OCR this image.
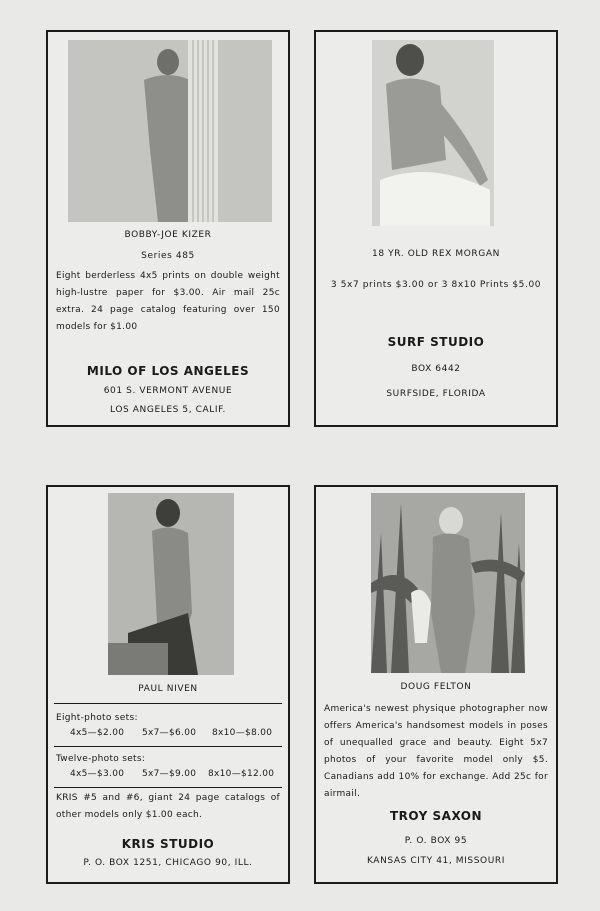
BOBBY-JOE KIZER
Series 485
Eight berderless 4x5 prints on double weight high-lustre paper for $3.00. Air mail 25c extra. 24 page catalog featuring over 150 models for $1.00
MILO OF LOS ANGELES
601 S. VERMONT AVENUE
LOS ANGELES 5, CALIF.
18 YR. OLD REX MORGAN
3 5x7 prints $3.00 or 3 8x10 Prints $5.00
SURF STUDIO
BOX 6442
SURFSIDE, FLORIDA
PAUL NIVEN
Eight-photo sets:
4x5—$2.00 5x7—$6.00 8x10—$8.00
Twelve-photo sets:
4x5—$3.00 5x7—$9.00 8x10—$12.00
KRIS #5 and #6, giant 24 page catalogs of other models only $1.00 each.
KRIS STUDIO
P. O. BOX 1251, CHICAGO 90, ILL.
DOUG FELTON
America's newest physique photographer now offers America's handsomest models in poses of unequalled grace and beauty. Eight 5x7 photos of your favorite model only $5. Canadians add 10% for exchange. Add 25c for airmail.
TROY SAXON
P. O. BOX 95
KANSAS CITY 41, MISSOURI
